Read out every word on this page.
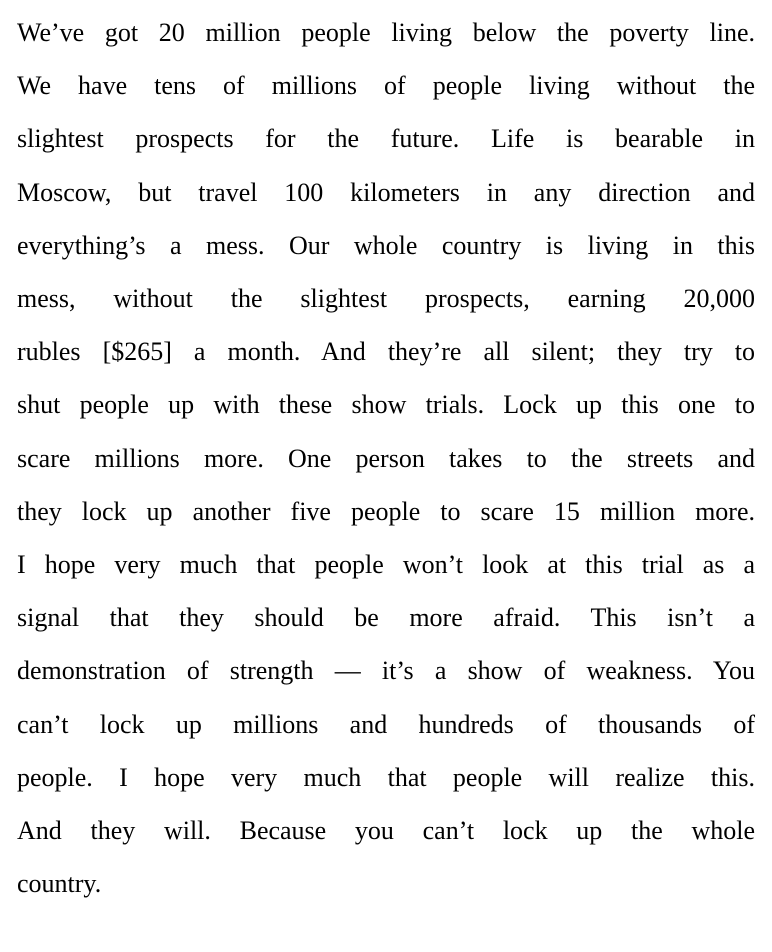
We’ve got 20 million people living below the poverty line.
We have tens of millions of people living without the
slightest prospects for the future. Life is bearable in
Moscow, but travel 100 kilometers in any direction and
everything’s a mess. Our whole country is living in this
mess, without the slightest prospects, earning 20,000
rubles [$265] a month. And they’re all silent; they try to
shut people up with these show trials. Lock up this one to
scare millions more. One person takes to the streets and
they lock up another five people to scare 15 million more.
I hope very much that people won’t look at this trial as a
signal that they should be more afraid. This isn’t a
demonstration of strength — it’s a show of weakness. You
can’t lock up millions and hundreds of thousands of
people. I hope very much that people will realize this.
And they will. Because you can’t lock up the whole
country.
